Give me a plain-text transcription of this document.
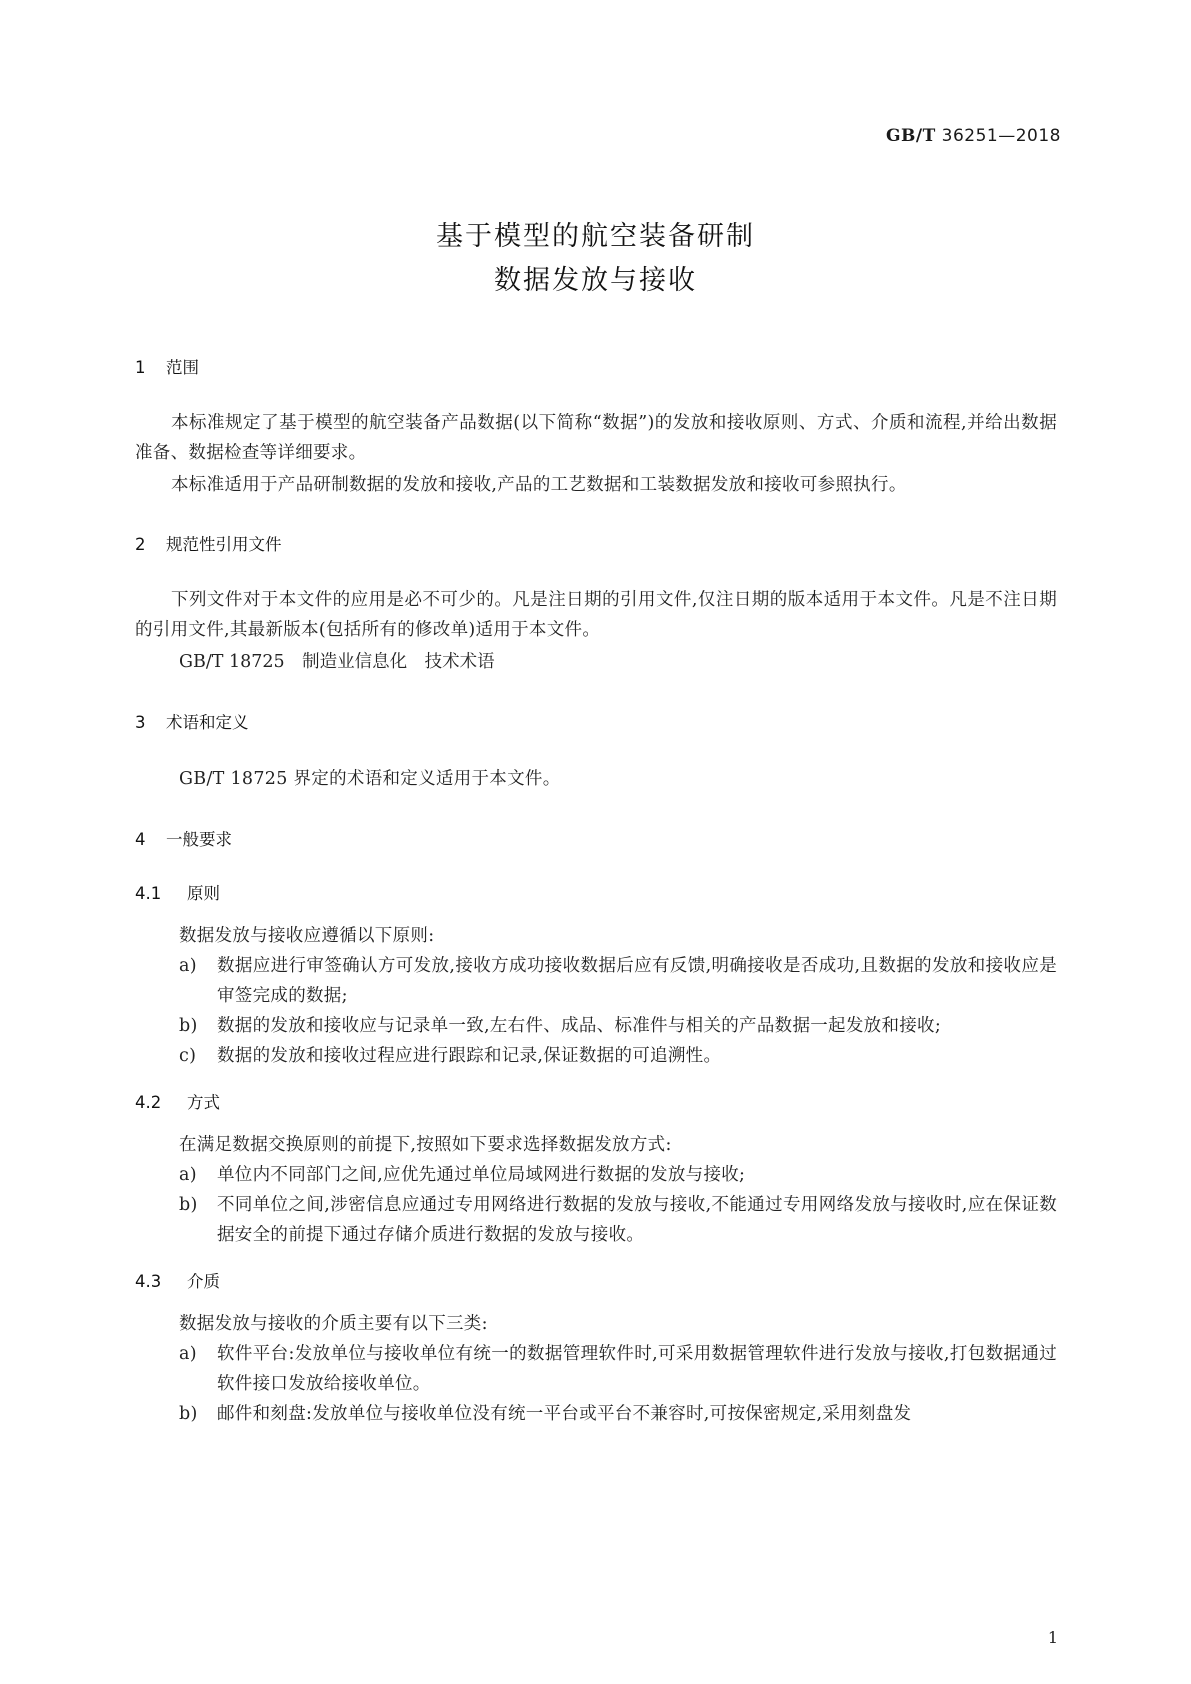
GB/T 36251—2018
基于模型的航空装备研制
数据发放与接收
1 范围
本标准规定了基于模型的航空装备产品数据(以下简称“数据”)的发放和接收原则、方式、介质和流程,并给出数据准备、数据检查等详细要求。
本标准适用于产品研制数据的发放和接收,产品的工艺数据和工装数据发放和接收可参照执行。
2 规范性引用文件
下列文件对于本文件的应用是必不可少的。凡是注日期的引用文件,仅注日期的版本适用于本文件。凡是不注日期的引用文件,其最新版本(包括所有的修改单)适用于本文件。
GB/T 18725　制造业信息化　技术术语
3 术语和定义
GB/T 18725 界定的术语和定义适用于本文件。
4 一般要求
4.1 原则
数据发放与接收应遵循以下原则:
a)	数据应进行审签确认方可发放,接收方成功接收数据后应有反馈,明确接收是否成功,且数据的发放和接收应是审签完成的数据;
b)	数据的发放和接收应与记录单一致,左右件、成品、标准件与相关的产品数据一起发放和接收;
c)	数据的发放和接收过程应进行跟踪和记录,保证数据的可追溯性。
4.2 方式
在满足数据交换原则的前提下,按照如下要求选择数据发放方式:
a)	单位内不同部门之间,应优先通过单位局域网进行数据的发放与接收;
b)	不同单位之间,涉密信息应通过专用网络进行数据的发放与接收,不能通过专用网络发放与接收时,应在保证数据安全的前提下通过存储介质进行数据的发放与接收。
4.3 介质
数据发放与接收的介质主要有以下三类:
a)	软件平台:发放单位与接收单位有统一的数据管理软件时,可采用数据管理软件进行发放与接收,打包数据通过软件接口发放给接收单位。
b)	邮件和刻盘:发放单位与接收单位没有统一平台或平台不兼容时,可按保密规定,采用刻盘发
1
